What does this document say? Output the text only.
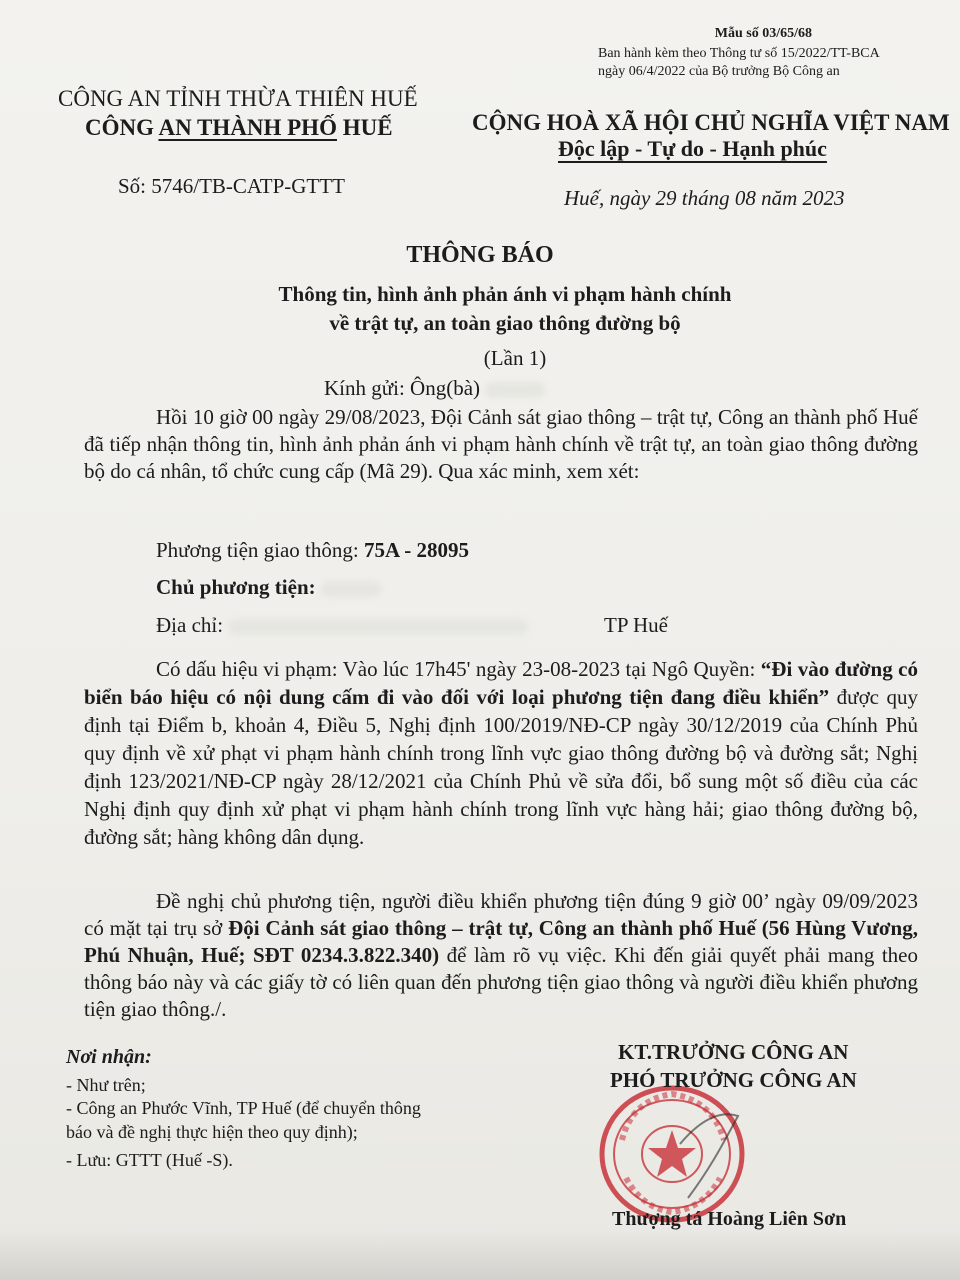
Mẫu số 03/65/68
Ban hành kèm theo Thông tư số 15/2022/TT-BCA
ngày 06/4/2022 của Bộ trưởng Bộ Công an
CÔNG AN TỈNH THỪA THIÊN HUẾ
CÔNG AN THÀNH PHỐ HUẾ
Số: 5746/TB-CATP-GTTT
CỘNG HOÀ XÃ HỘI CHỦ NGHĨA VIỆT NAM
Độc lập - Tự do - Hạnh phúc
Huế, ngày 29 tháng 08 năm 2023
THÔNG BÁO
Thông tin, hình ảnh phản ánh vi phạm hành chính
về trật tự, an toàn giao thông đường bộ
(Lần 1)
Kính gửi: Ông(bà)
Hồi 10 giờ 00 ngày 29/08/2023, Đội Cảnh sát giao thông – trật tự, Công an thành phố Huế đã tiếp nhận thông tin, hình ảnh phản ánh vi phạm hành chính về trật tự, an toàn giao thông đường bộ do cá nhân, tổ chức cung cấp (Mã 29). Qua xác minh, xem xét:
Phương tiện giao thông: 75A - 28095
Chủ phương tiện:
Địa chỉ:	TP Huế
Có dấu hiệu vi phạm: Vào lúc 17h45' ngày 23-08-2023 tại Ngô Quyền: “Đi vào đường có biển báo hiệu có nội dung cấm đi vào đối với loại phương tiện đang điều khiển” được quy định tại Điểm b, khoản 4, Điều 5, Nghị định 100/2019/NĐ-CP ngày 30/12/2019 của Chính Phủ quy định về xử phạt vi phạm hành chính trong lĩnh vực giao thông đường bộ và đường sắt; Nghị định 123/2021/NĐ-CP ngày 28/12/2021 của Chính Phủ về sửa đổi, bổ sung một số điều của các Nghị định quy định xử phạt vi phạm hành chính trong lĩnh vực hàng hải; giao thông đường bộ, đường sắt; hàng không dân dụng.
Đề nghị chủ phương tiện, người điều khiển phương tiện đúng 9 giờ 00’ ngày 09/09/2023 có mặt tại trụ sở Đội Cảnh sát giao thông – trật tự, Công an thành phố Huế (56 Hùng Vương, Phú Nhuận, Huế; SĐT 0234.3.822.340) để làm rõ vụ việc. Khi đến giải quyết phải mang theo thông báo này và các giấy tờ có liên quan đến phương tiện giao thông và người điều khiển phương tiện giao thông./.
Nơi nhận:
- Như trên;
- Công an Phước Vĩnh, TP Huế (để chuyển thông
báo và đề nghị thực hiện theo quy định);
- Lưu: GTTT (Huế -S).
KT.TRƯỞNG CÔNG AN
PHÓ TRƯỞNG CÔNG AN
Thượng tá Hoàng Liên Sơn
